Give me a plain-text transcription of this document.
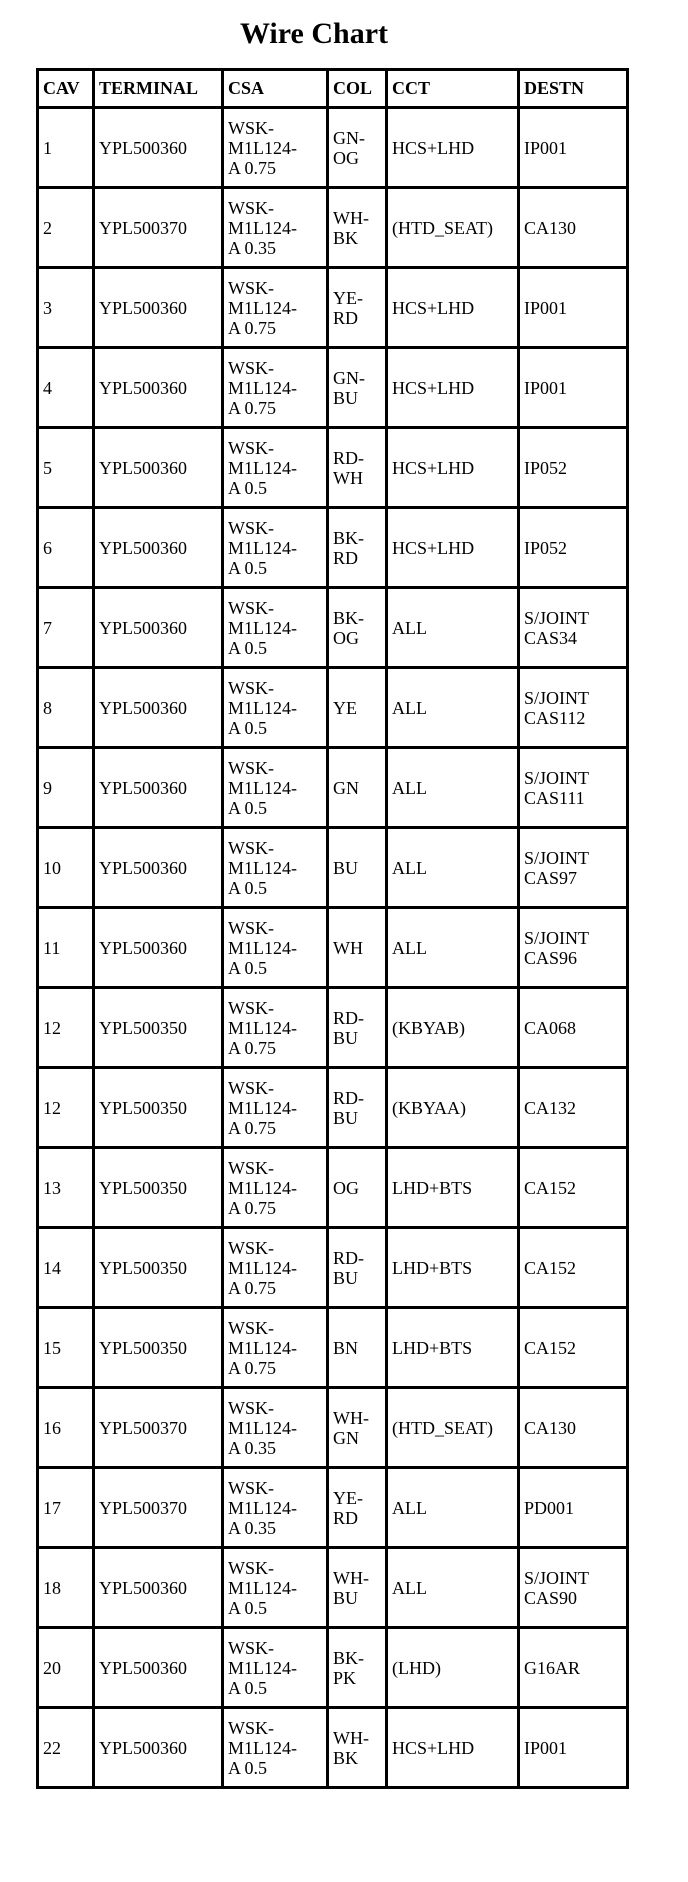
Wire Chart
CAV	TERMINAL	CSA	COL	CCT	DESTN
1	YPL500360	WSK-
M1L124-
A 0.75	GN-
OG	HCS+LHD	IP001
2	YPL500370	WSK-
M1L124-
A 0.35	WH-
BK	(HTD_SEAT)	CA130
3	YPL500360	WSK-
M1L124-
A 0.75	YE-
RD	HCS+LHD	IP001
4	YPL500360	WSK-
M1L124-
A 0.75	GN-
BU	HCS+LHD	IP001
5	YPL500360	WSK-
M1L124-
A 0.5	RD-
WH	HCS+LHD	IP052
6	YPL500360	WSK-
M1L124-
A 0.5	BK-
RD	HCS+LHD	IP052
7	YPL500360	WSK-
M1L124-
A 0.5	BK-
OG	ALL	S/JOINT
CAS34
8	YPL500360	WSK-
M1L124-
A 0.5	YE	ALL	S/JOINT
CAS112
9	YPL500360	WSK-
M1L124-
A 0.5	GN	ALL	S/JOINT
CAS111
10	YPL500360	WSK-
M1L124-
A 0.5	BU	ALL	S/JOINT
CAS97
11	YPL500360	WSK-
M1L124-
A 0.5	WH	ALL	S/JOINT
CAS96
12	YPL500350	WSK-
M1L124-
A 0.75	RD-
BU	(KBYAB)	CA068
12	YPL500350	WSK-
M1L124-
A 0.75	RD-
BU	(KBYAA)	CA132
13	YPL500350	WSK-
M1L124-
A 0.75	OG	LHD+BTS	CA152
14	YPL500350	WSK-
M1L124-
A 0.75	RD-
BU	LHD+BTS	CA152
15	YPL500350	WSK-
M1L124-
A 0.75	BN	LHD+BTS	CA152
16	YPL500370	WSK-
M1L124-
A 0.35	WH-
GN	(HTD_SEAT)	CA130
17	YPL500370	WSK-
M1L124-
A 0.35	YE-
RD	ALL	PD001
18	YPL500360	WSK-
M1L124-
A 0.5	WH-
BU	ALL	S/JOINT
CAS90
20	YPL500360	WSK-
M1L124-
A 0.5	BK-
PK	(LHD)	G16AR
22	YPL500360	WSK-
M1L124-
A 0.5	WH-
BK	HCS+LHD	IP001
